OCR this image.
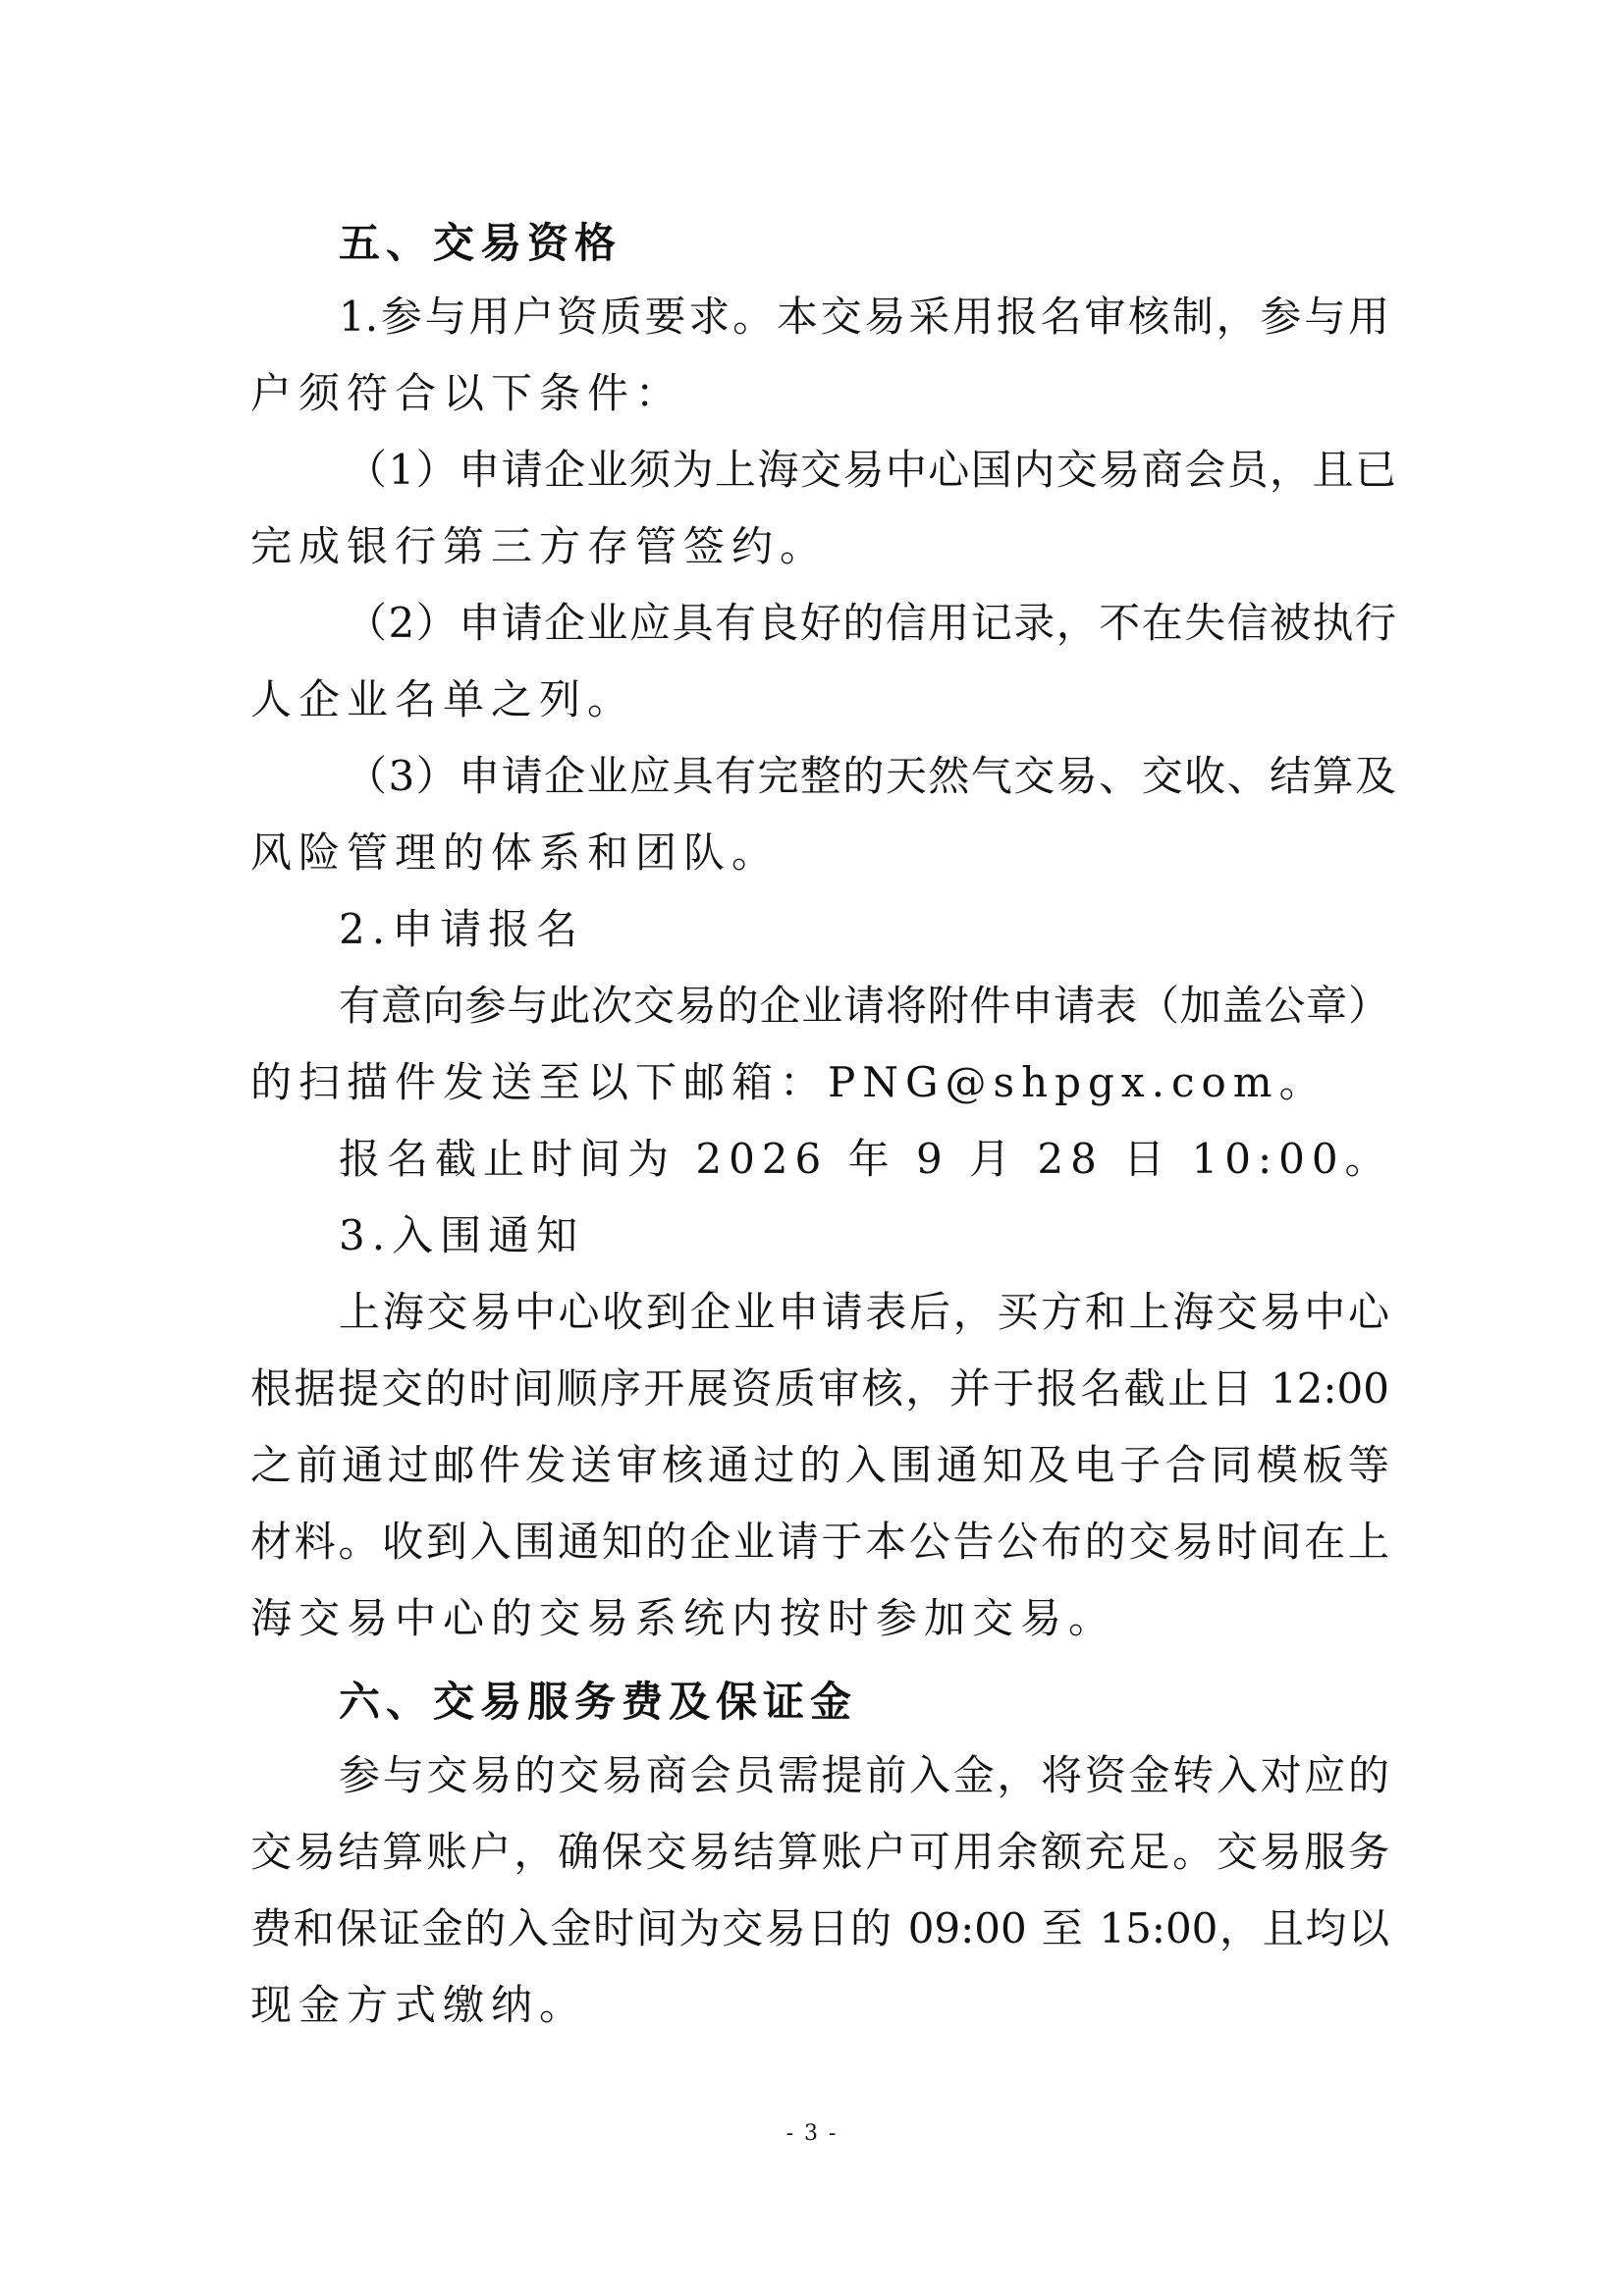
五、交易资格
1.参与用户资质要求。本交易采用报名审核制，参与用
户须符合以下条件：
（1）申请企业须为上海交易中心国内交易商会员，且已
完成银行第三方存管签约。
（2）申请企业应具有良好的信用记录，不在失信被执行
人企业名单之列。
（3）申请企业应具有完整的天然气交易、交收、结算及
风险管理的体系和团队。
2.申请报名
有意向参与此次交易的企业请将附件申请表（加盖公章）
的扫描件发送至以下邮箱：PNG@shpgx.com。
报名截止时间为 2026 年 9 月 28 日 10:00。
3.入围通知
上海交易中心收到企业申请表后，买方和上海交易中心
根据提交的时间顺序开展资质审核，并于报名截止日 12:00
之前通过邮件发送审核通过的入围通知及电子合同模板等
材料。收到入围通知的企业请于本公告公布的交易时间在上
海交易中心的交易系统内按时参加交易。
六、交易服务费及保证金
参与交易的交易商会员需提前入金，将资金转入对应的
交易结算账户，确保交易结算账户可用余额充足。交易服务
费和保证金的入金时间为交易日的 09:00 至 15:00，且均以
现金方式缴纳。
- 3 -
